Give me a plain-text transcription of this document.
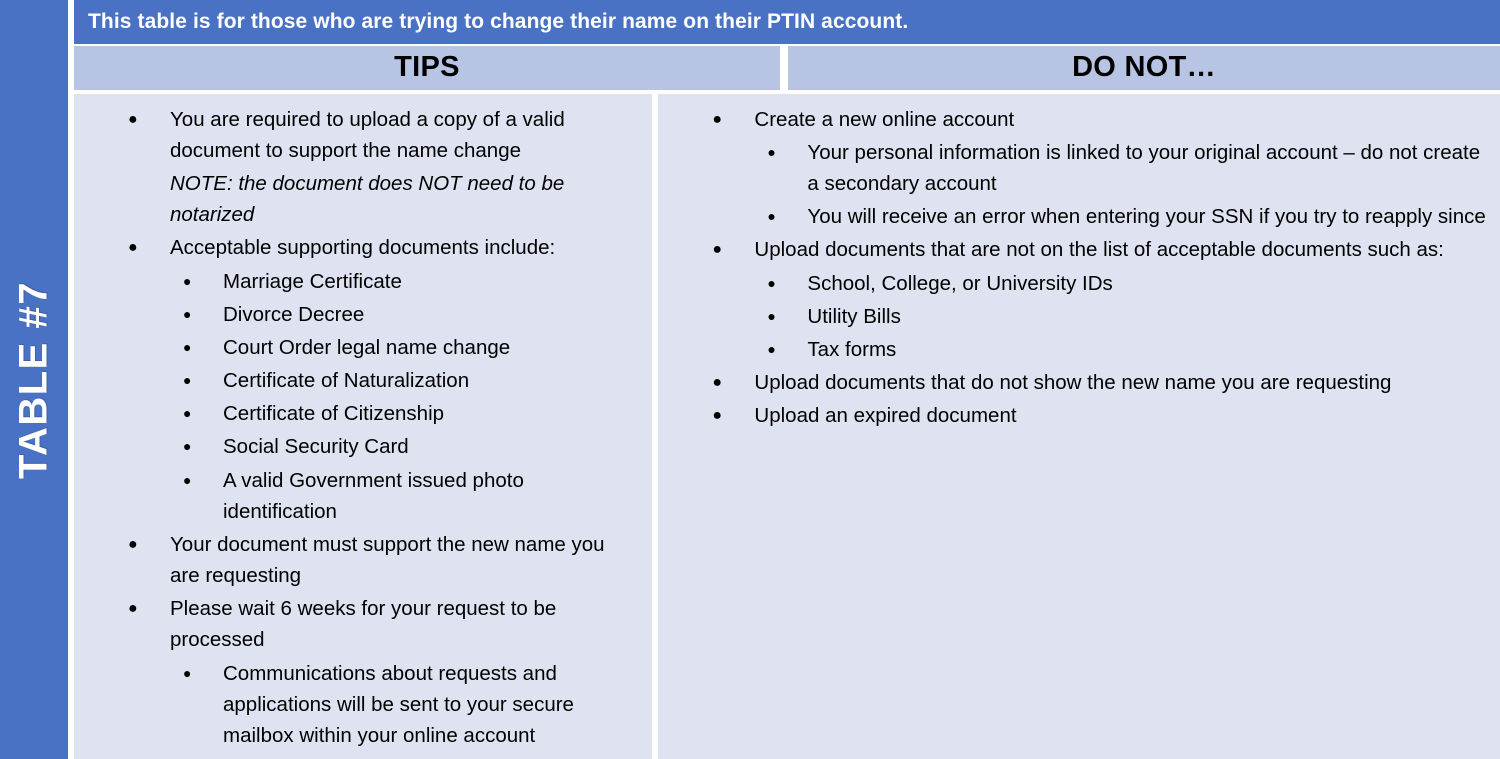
TABLE #7
This table is for those who are trying to change their name on their PTIN account.
TIPS	DO NOT…
● You are required to upload a copy of a valid document to support the name change
NOTE: the document does NOT need to be notarized
● Acceptable supporting documents include:
● Marriage Certificate
● Divorce Decree
● Court Order legal name change
● Certificate of Naturalization
● Certificate of Citizenship
● Social Security Card
● A valid Government issued photo identification
● Your document must support the new name you are requesting
● Please wait 6 weeks for your request to be processed
● Communications about requests and applications will be sent to your secure mailbox within your online account
● Create a new online account
● Your personal information is linked to your original account – do not create a secondary account
● You will receive an error when entering your SSN if you try to reapply since
● Upload documents that are not on the list of acceptable documents such as:
● School, College, or University IDs
● Utility Bills
● Tax forms
● Upload documents that do not show the new name you are requesting
● Upload an expired document
